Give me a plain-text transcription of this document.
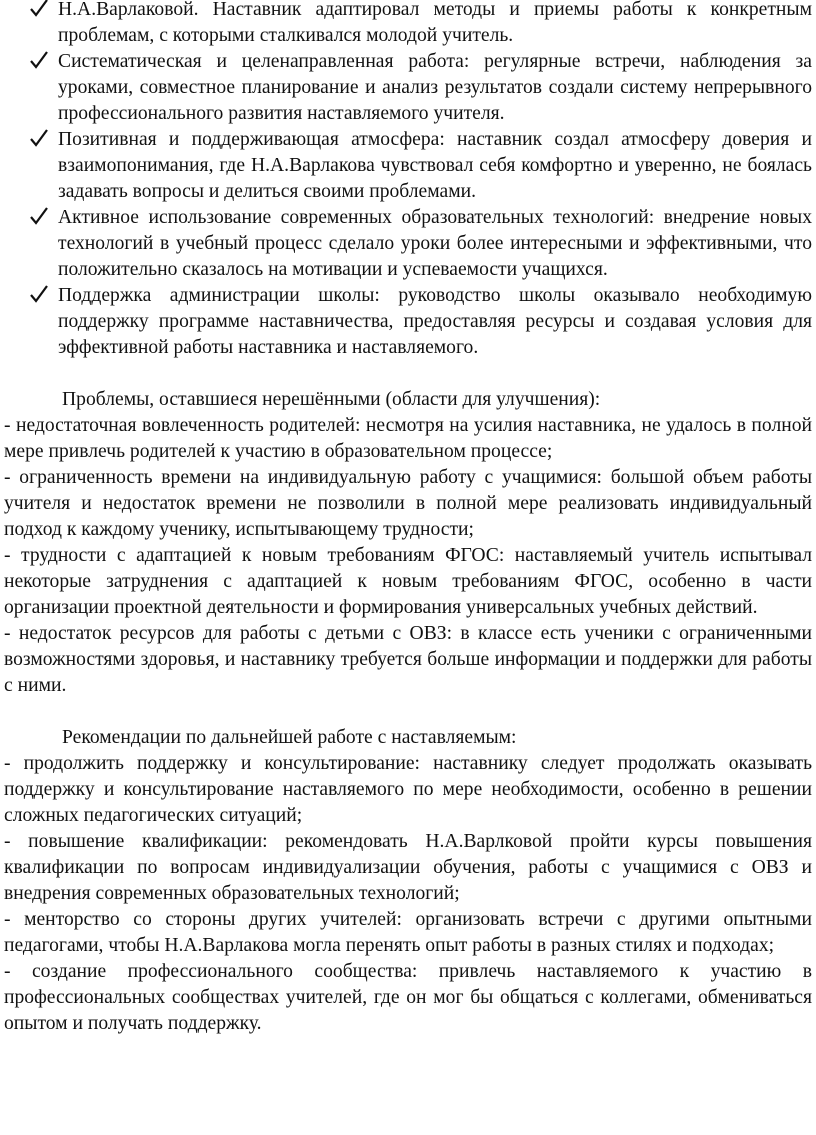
Н.А.Варлаковой. Наставник адаптировал методы и приемы работы к конкретным проблемам, с которыми сталкивался молодой учитель.
Систематическая и целенаправленная работа: регулярные встречи, наблюдения за уроками, совместное планирование и анализ результатов создали систему непрерывного профессионального развития наставляемого учителя.
Позитивная и поддерживающая атмосфера: наставник создал атмосферу доверия и взаимопонимания, где Н.А.Варлакова чувствовал себя комфортно и уверенно, не боялась задавать вопросы и делиться своими проблемами.
Активное использование современных образовательных технологий: внедрение новых технологий в учебный процесс сделало уроки более интересными и эффективными, что положительно сказалось на мотивации и успеваемости учащихся.
Поддержка администрации школы: руководство школы оказывало необходимую поддержку программе наставничества, предоставляя ресурсы и создавая условия для эффективной работы наставника и наставляемого.

Проблемы, оставшиеся нерешёнными (области для улучшения):

- недостаточная вовлеченность родителей: несмотря на усилия наставника, не удалось в полной мере привлечь родителей к участию в образовательном процессе;

- ограниченность времени на индивидуальную работу с учащимися: большой объем работы учителя и недостаток времени не позволили в полной мере реализовать индивидуальный подход к каждому ученику, испытывающему трудности;

- трудности с адаптацией к новым требованиям ФГОС: наставляемый учитель испытывал некоторые затруднения с адаптацией к новым требованиям ФГОС, особенно в части организации проектной деятельности и формирования универсальных учебных действий.

- недостаток ресурсов для работы с детьми с ОВЗ: в классе есть ученики с ограниченными возможностями здоровья, и наставнику требуется больше информации и поддержки для работы с ними.

Рекомендации по дальнейшей работе с наставляемым:

- продолжить поддержку и консультирование: наставнику следует продолжать оказывать поддержку и консультирование наставляемого по мере необходимости, особенно в решении сложных педагогических ситуаций;

- повышение квалификации: рекомендовать Н.А.Варлковой пройти курсы повышения квалификации по вопросам индивидуализации обучения, работы с учащимися с ОВЗ и внедрения современных образовательных технологий;

- менторство со стороны других учителей: организовать встречи с другими опытными педагогами, чтобы Н.А.Варлакова могла перенять опыт работы в разных стилях и подходах;

- создание профессионального сообщества: привлечь наставляемого к участию в профессиональных сообществах учителей, где он мог бы общаться с коллегами, обмениваться опытом и получать поддержку.
